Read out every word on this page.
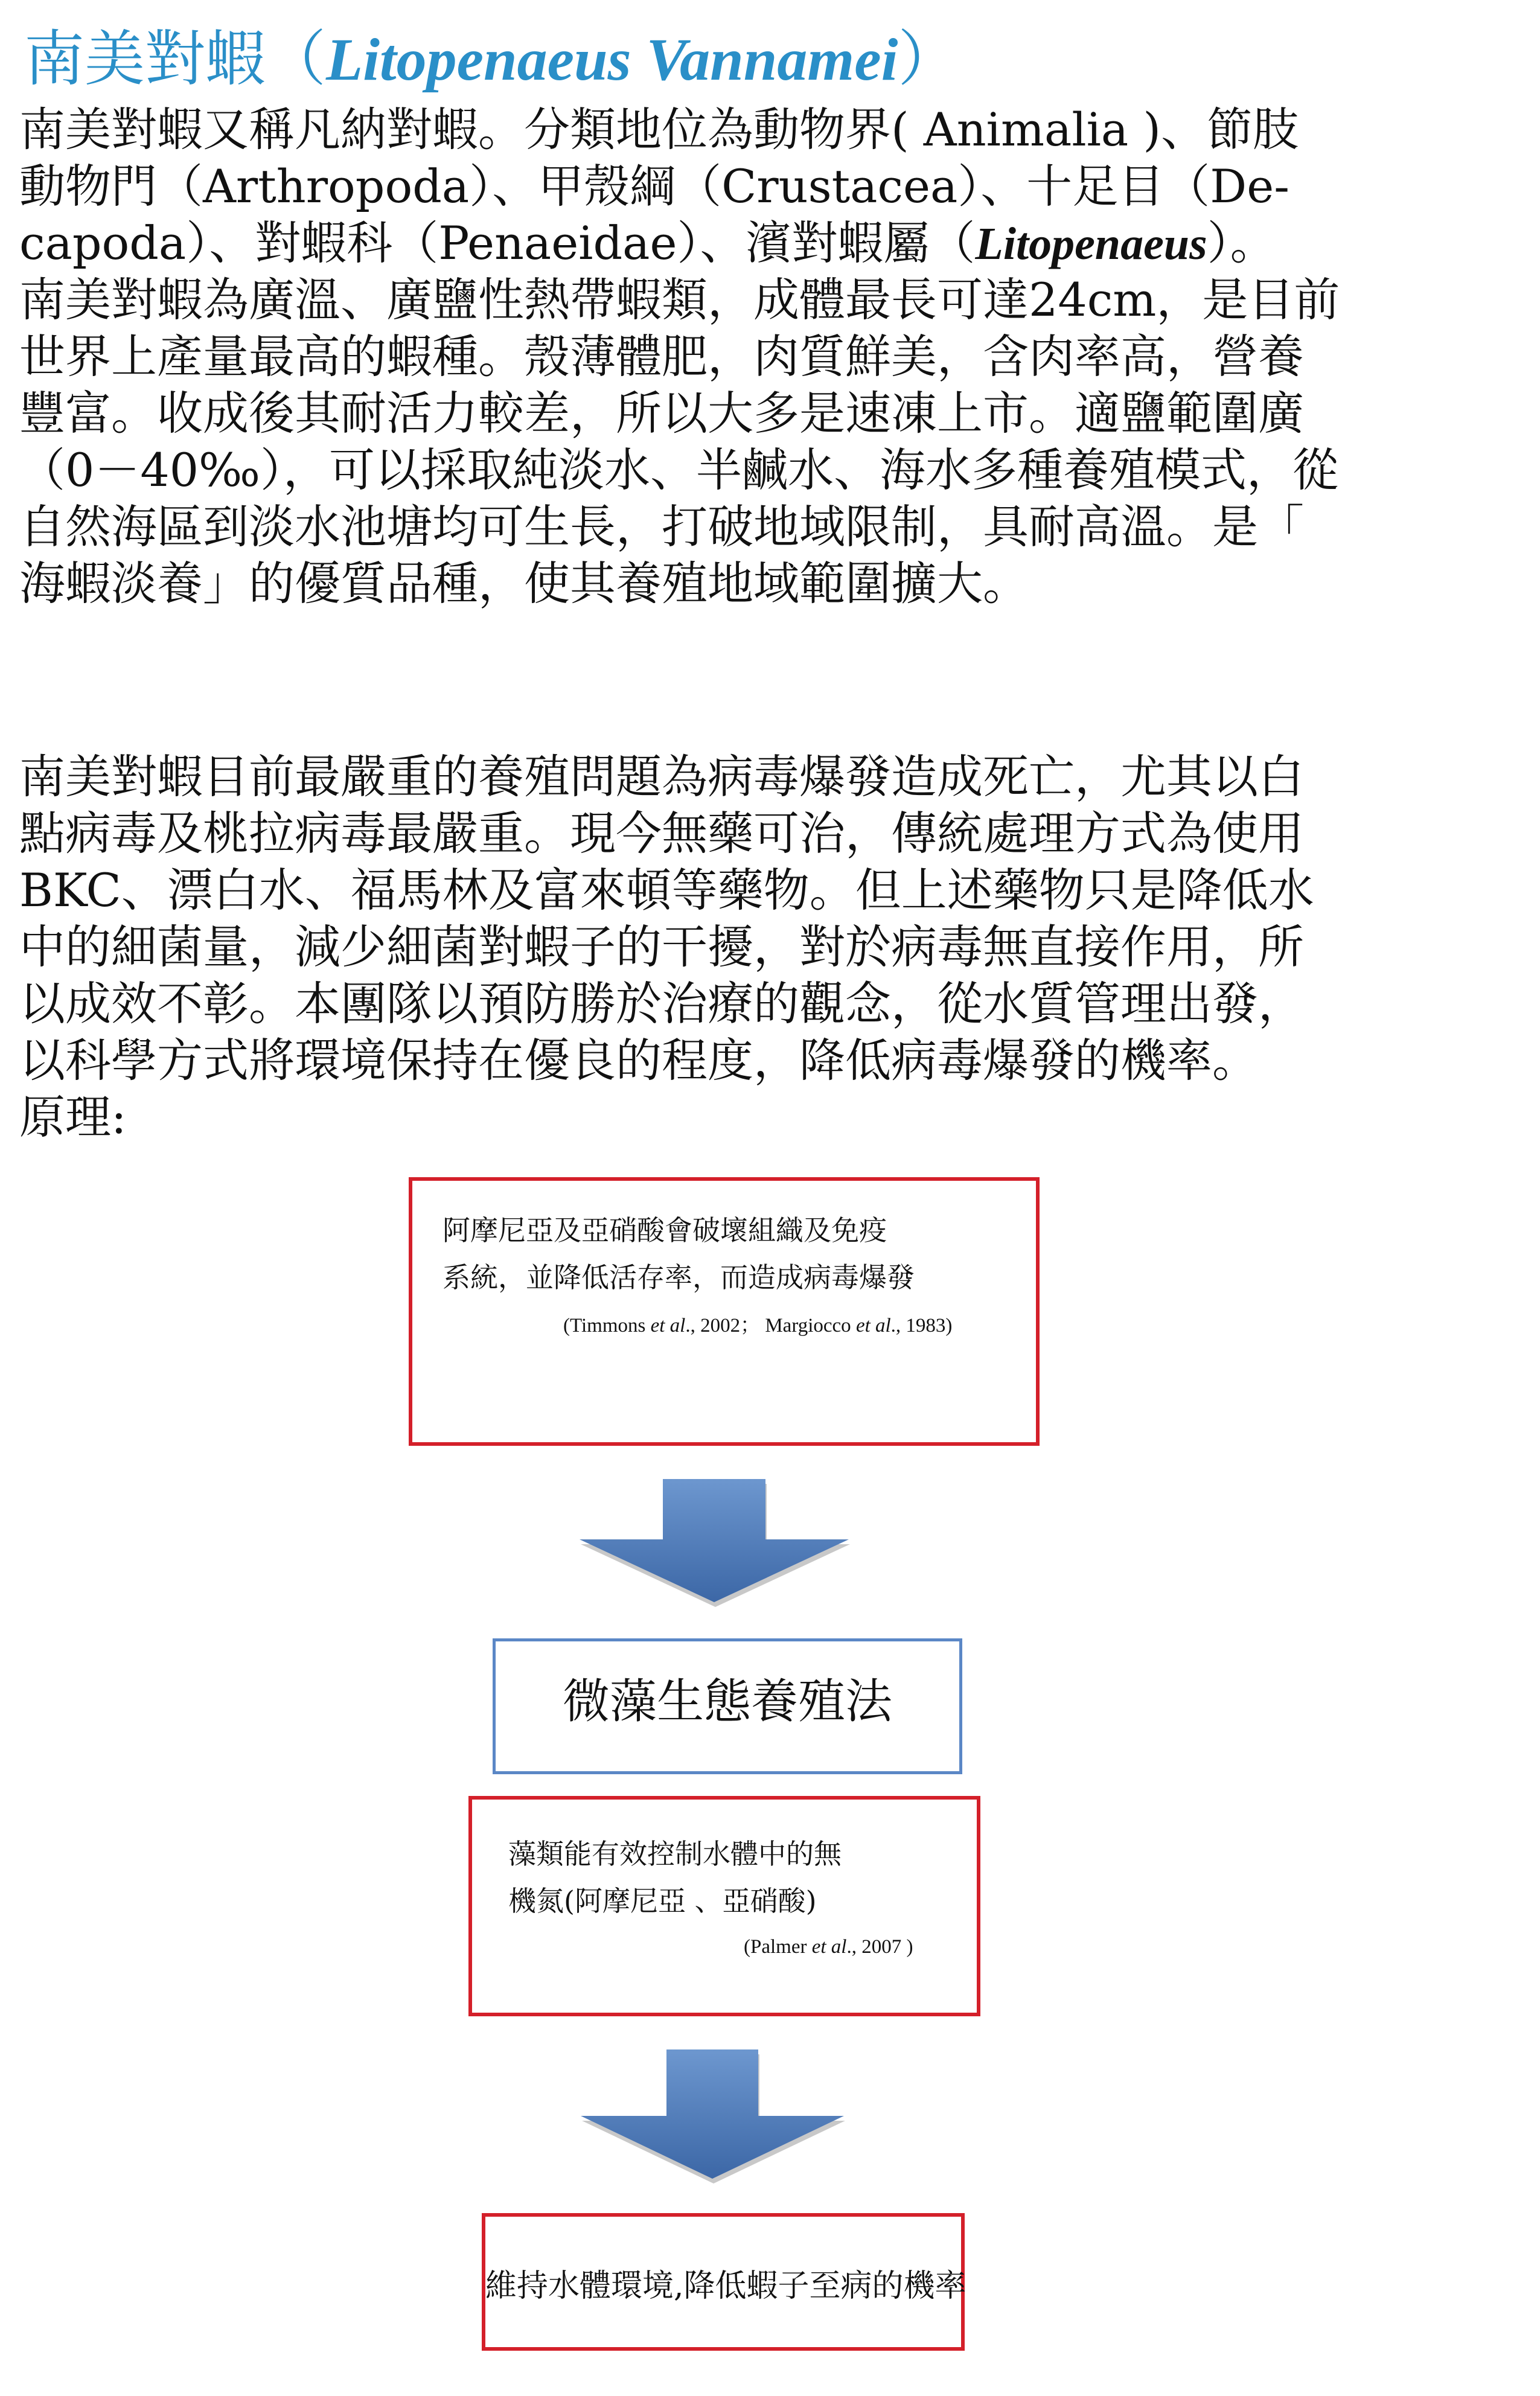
南美對蝦（Litopenaeus Vannamei）
南美對蝦又稱凡納對蝦。分類地位為動物界( Animalia )、節肢
動物門（Arthropoda）、甲殼綱（Crustacea）、十足目（De-
capoda）、對蝦科（Penaeidae）、濱對蝦屬（Litopenaeus）。
南美對蝦為廣溫、廣鹽性熱帶蝦類，成體最長可達24cm，是目前
世界上產量最高的蝦種。殼薄體肥，肉質鮮美，含肉率高，營養
豐富。收成後其耐活力較差，所以大多是速凍上市。適鹽範圍廣
（0－40‰），可以採取純淡水、半鹹水、海水多種養殖模式，從
自然海區到淡水池塘均可生長，打破地域限制，具耐高溫。是「
海蝦淡養」的優質品種，使其養殖地域範圍擴大。
南美對蝦目前最嚴重的養殖問題為病毒爆發造成死亡，尤其以白
點病毒及桃拉病毒最嚴重。現今無藥可治，傳統處理方式為使用
BKC、漂白水、福馬林及富來頓等藥物。但上述藥物只是降低水
中的細菌量，減少細菌對蝦子的干擾，對於病毒無直接作用，所
以成效不彰。本團隊以預防勝於治療的觀念，從水質管理出發，
以科學方式將環境保持在優良的程度，降低病毒爆發的機率。
原理:
阿摩尼亞及亞硝酸會破壞組織及免疫
系統，並降低活存率，而造成病毒爆發
(Timmons et al., 2002； Margiocco et al., 1983)
微藻生態養殖法
藻類能有效控制水體中的無
機氮(阿摩尼亞 、亞硝酸)
(Palmer et al., 2007 )
維持水體環境,降低蝦子至病的機率
